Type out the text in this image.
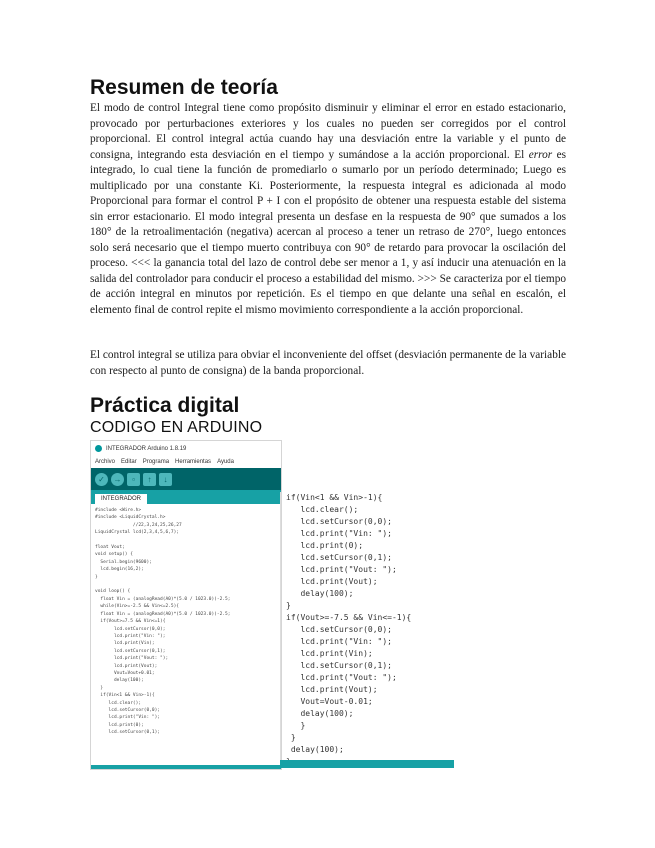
Resumen de teoría

El modo de control Integral tiene como propósito disminuir y eliminar el error en estado estacionario, provocado por perturbaciones exteriores y los cuales no pueden ser corregidos por el control proporcional. El control integral actúa cuando hay una desviación entre la variable y el punto de consigna, integrando esta desviación en el tiempo y sumándose a la acción proporcional. El error es integrado, lo cual tiene la función de promediarlo o sumarlo por un período determinado; Luego es multiplicado por una constante Ki. Posteriormente, la respuesta integral es adicionada al modo Proporcional para formar el control P + I con el propósito de obtener una respuesta estable del sistema sin error estacionario. El modo integral presenta un desfase en la respuesta de 90° que sumados a los 180° de la retroalimentación (negativa) acercan al proceso a tener un retraso de 270°, luego entonces solo será necesario que el tiempo muerto contribuya con 90° de retardo para provocar la oscilación del proceso. <<< la ganancia total del lazo de control debe ser menor a 1, y así inducir una atenuación en la salida del controlador para conducir el proceso a estabilidad del mismo. >>> Se caracteriza por el tiempo de acción integral en minutos por repetición. Es el tiempo en que delante una señal en escalón, el elemento final de control repite el mismo movimiento correspondiente a la acción proporcional.

El control integral se utiliza para obviar el inconveniente del offset (desviación permanente de la variable con respecto al punto de consigna) de la banda proporcional.

Práctica digital

CODIGO EN ARDUINO

INTEGRADOR Arduino 1.8.19
Archivo Editar Programa Herramientas Ayuda
✓	→	▫	↑	↓
INTEGRADOR
#include <Wire.h>
#include <LiquidCrystal.h>
//22,3,24,25,26,27
LiquidCrystal lcd(2,3,4,5,6,7);

float Vout;
void setup() {
Serial.begin(9600);
lcd.begin(16,2);
}

void loop() {
float Vin = (analogRead(A0)*(5.0 / 1023.0))-2.5;
while(Vin>=-2.5 && Vin<=2.5){
float Vin = (analogRead(A0)*(5.0 / 1023.0))-2.5;
if(Vout>=7.5 && Vin<=1){
lcd.setCursor(0,0);
lcd.print("Vin: ");
lcd.print(Vin);
lcd.setCursor(0,1);
lcd.print("Vout: ");
lcd.print(Vout);
Vout=Vout+0.01;
delay(100);
}
if(Vin<1 && Vin>-1){
lcd.clear();
lcd.setCursor(0,0);
lcd.print("Vin: ");
lcd.print(0);
lcd.setCursor(0,1);
if(Vin<1 && Vin>-1){
lcd.clear();
lcd.setCursor(0,0);
lcd.print("Vin: ");
lcd.print(0);
lcd.setCursor(0,1);
lcd.print("Vout: ");
lcd.print(Vout);
delay(100);
}
if(Vout>=-7.5 && Vin<=-1){
lcd.setCursor(0,0);
lcd.print("Vin: ");
lcd.print(Vin);
lcd.setCursor(0,1);
lcd.print("Vout: ");
lcd.print(Vout);
Vout=Vout-0.01;
delay(100);
}
}
delay(100);
